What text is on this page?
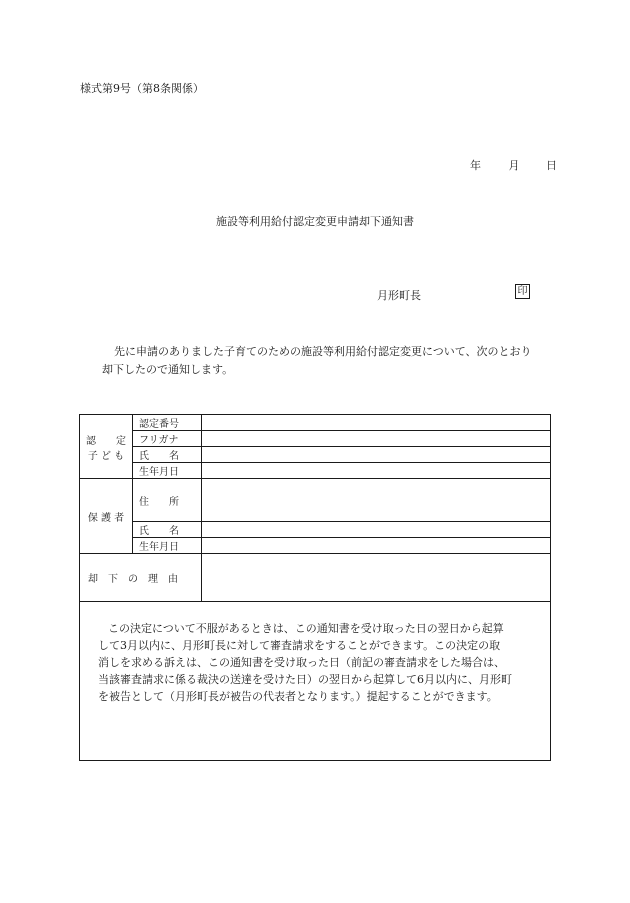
様式第9号（第8条関係）
年	月 日
施設等利用給付認定変更申請却下通知書
月形町長	印
先に申請のありました子育てのための施設等利用給付認定変更について、次のとおり
却下したので通知します。
認　　定
子 ど も	認定番号	
	フリガナ	
	氏　　名	
	生年月日	
保 護 者	住　　所	
	氏　　名	
	生年月日	
却　下　の　理　由		

この決定について不服があるときは、この通知書を受け取った日の翌日から起算
して3月以内に、月形町長に対して審査請求をすることができます。この決定の取
消しを求める訴えは、この通知書を受け取った日（前記の審査請求をした場合は、
当該審査請求に係る裁決の送達を受けた日）の翌日から起算して6月以内に、月形町
を被告として（月形町長が被告の代表者となります。）提起することができます。		
